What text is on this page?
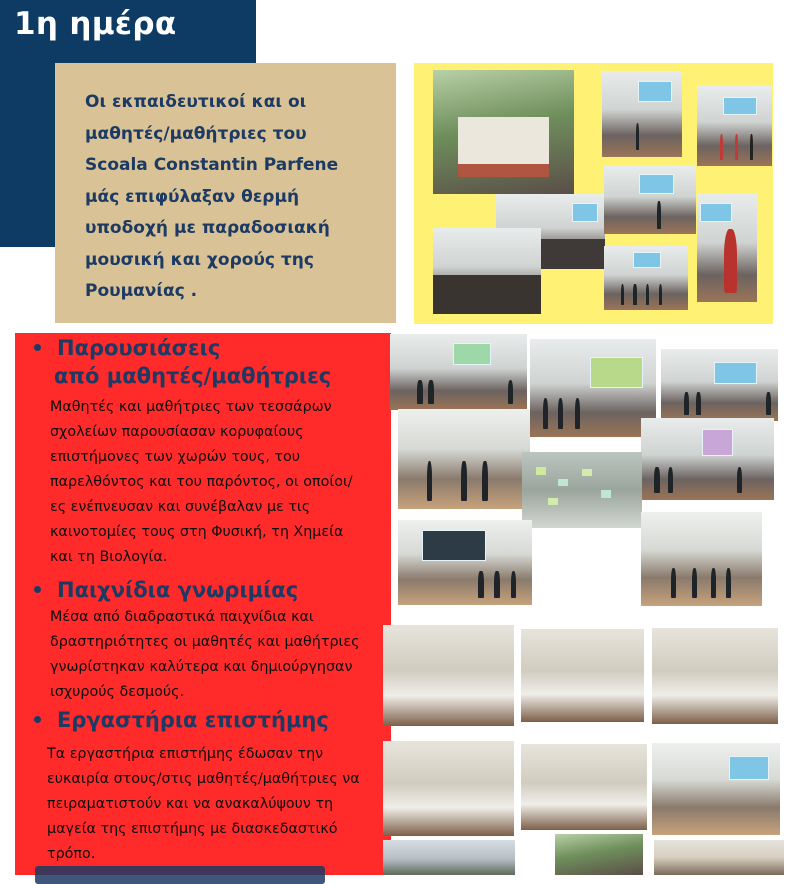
1η ημέρα

Οι εκπαιδευτικοί και οι
μαθητές/μαθήτριες του
Scoala Constantin Parfene
μάς επιφύλαξαν θερμή
υποδοχή με παραδοσιακή
μουσική και χορούς της
Ρουμανίας .

Παρουσιάσεις
από μαθητές/μαθήτριες

Μαθητές και μαθήτριες των τεσσάρων
σχολείων παρουσίασαν κορυφαίους
επιστήμονες των χωρών τους, του
παρελθόντος και του παρόντος, οι οποίοι/
ες ενέπνευσαν και συνέβαλαν με τις
καινοτομίες τους στη Φυσική, τη Χημεία
και τη Βιολογία.

Παιχνίδια γνωριμίας

Μέσα από διαδραστικά παιχνίδια και
δραστηριότητες οι μαθητές και μαθήτριες
γνωρίστηκαν καλύτερα και δημιούργησαν
ισχυρούς δεσμούς.

Εργαστήρια επιστήμης

Τα εργαστήρια επιστήμης έδωσαν την
ευκαιρία στους/στις μαθητές/μαθήτριες να
πειραματιστούν και να ανακαλύψουν τη
μαγεία της επιστήμης με διασκεδαστικό
τρόπο.
